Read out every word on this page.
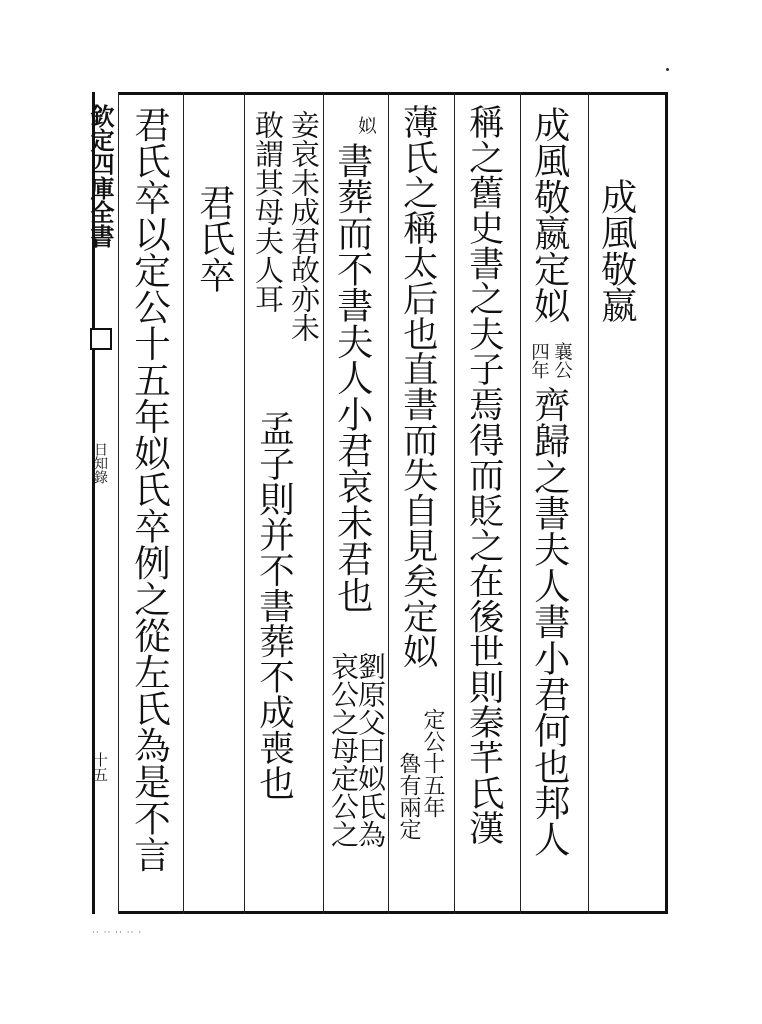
欽定四庫全書
日知錄
十五
成風敬嬴
成風敬嬴定姒
襄公
四年
齊歸之書夫人書小君何也邦人
稱之舊史書之夫子焉得而貶之在後世則秦芊氏漢
薄氏之稱太后也直書而失自見矣定姒
定公十五年
魯有兩定
姒
書葬而不書夫人小君哀未君也
劉原父曰姒氏為
哀公之母定公之
妾哀未成君故亦未
敢謂其母夫人耳
孟子則并不書葬不成喪也
君氏卒
君氏卒以定公十五年姒氏卒例之從左氏為是不言
·· ·· ·· ·· ·
